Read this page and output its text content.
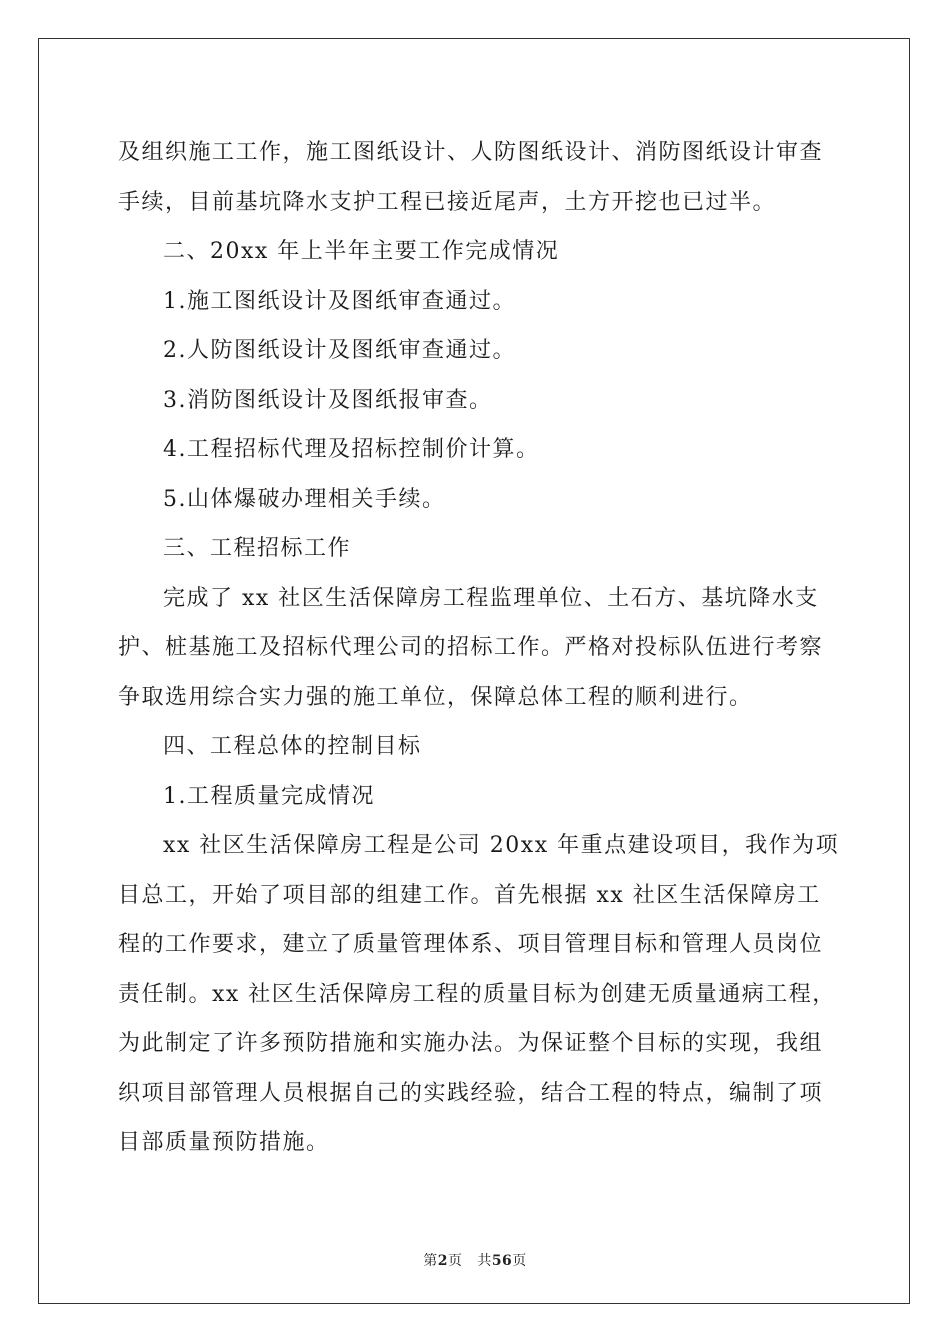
及组织施工工作，施工图纸设计、人防图纸设计、消防图纸设计审查
手续，目前基坑降水支护工程已接近尾声，土方开挖也已过半。
二、20xx 年上半年主要工作完成情况
1.施工图纸设计及图纸审查通过。
2.人防图纸设计及图纸审查通过。
3.消防图纸设计及图纸报审查。
4.工程招标代理及招标控制价计算。
5.山体爆破办理相关手续。
三、工程招标工作
完成了 xx 社区生活保障房工程监理单位、土石方、基坑降水支
护、桩基施工及招标代理公司的招标工作。严格对投标队伍进行考察
争取选用综合实力强的施工单位，保障总体工程的顺利进行。
四、工程总体的控制目标
1.工程质量完成情况
xx 社区生活保障房工程是公司 20xx 年重点建设项目，我作为项
目总工，开始了项目部的组建工作。首先根据 xx 社区生活保障房工
程的工作要求，建立了质量管理体系、项目管理目标和管理人员岗位
责任制。xx 社区生活保障房工程的质量目标为创建无质量通病工程，
为此制定了许多预防措施和实施办法。为保证整个目标的实现，我组
织项目部管理人员根据自己的实践经验，结合工程的特点，编制了项
目部质量预防措施。
第2页 共56页
